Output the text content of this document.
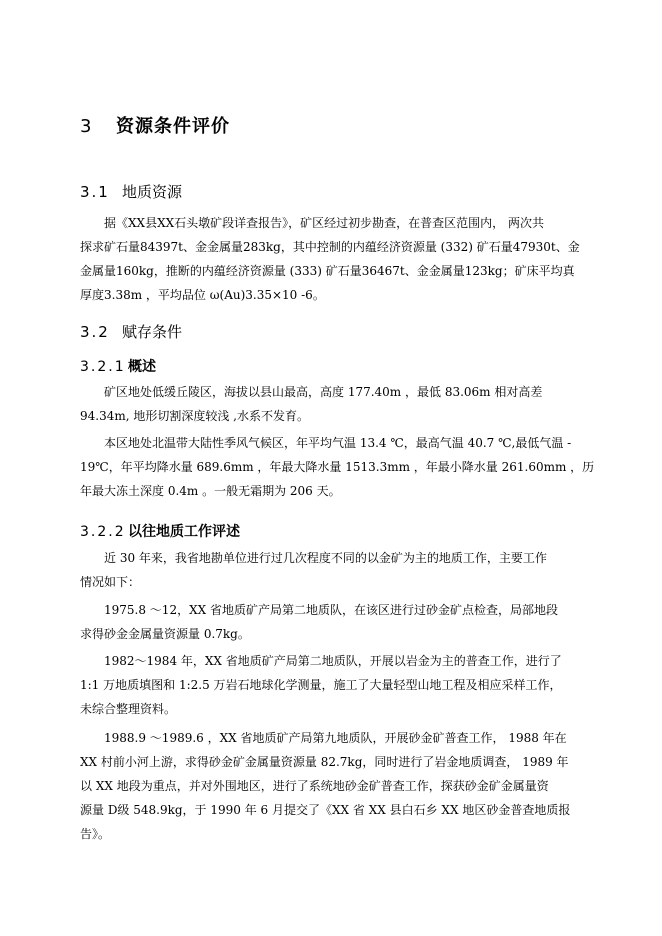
3 资源条件评价
3.1 地质资源
据《XX县XX石头墩矿段详查报告》，矿区经过初步勘查，在普查区范围内， 两次共
探求矿石量84397t、金金属量283kg，其中控制的内蕴经济资源量 (332) 矿石量47930t、金
金属量160kg，推断的内蕴经济资源量 (333) 矿石量36467t、金金属量123kg；矿床平均真
厚度3.38m ，平均品位 ω(Au)3.35×10 -6。
3.2 赋存条件
3.2.1 概述
矿区地处低缓丘陵区，海拔以县山最高，高度 177.40m ，最低 83.06m 相对高差
94.34m, 地形切割深度较浅 ,水系不发育。
本区地处北温带大陆性季风气候区，年平均气温 13.4 ℃，最高气温 40.7 ℃,最低气温 -
19℃，年平均降水量 689.6mm ，年最大降水量 1513.3mm ，年最小降水量 261.60mm ，历
年最大冻土深度 0.4m 。一般无霜期为 206 天。
3.2.2 以往地质工作评述
近 30 年来，我省地勘单位进行过几次程度不同的以金矿为主的地质工作，主要工作
情况如下：
1975.8 ～12，XX 省地质矿产局第二地质队，在该区进行过砂金矿点检查，局部地段
求得砂金金属量资源量 0.7kg。
1982～1984 年，XX 省地质矿产局第二地质队，开展以岩金为主的普查工作，进行了
1:1 万地质填图和 1:2.5 万岩石地球化学测量，施工了大量轻型山地工程及相应采样工作，
未综合整理资料。
1988.9 ～1989.6 ，XX 省地质矿产局第九地质队，开展砂金矿普查工作， 1988 年在
XX 村前小河上游，求得砂金矿金属量资源量 82.7kg，同时进行了岩金地质调查， 1989 年
以 XX 地段为重点，并对外围地区，进行了系统地砂金矿普查工作，探获砂金矿金属量资
源量 D级 548.9kg，于 1990 年 6 月提交了《XX 省 XX 县白石乡 XX 地区砂金普查地质报
告》。
